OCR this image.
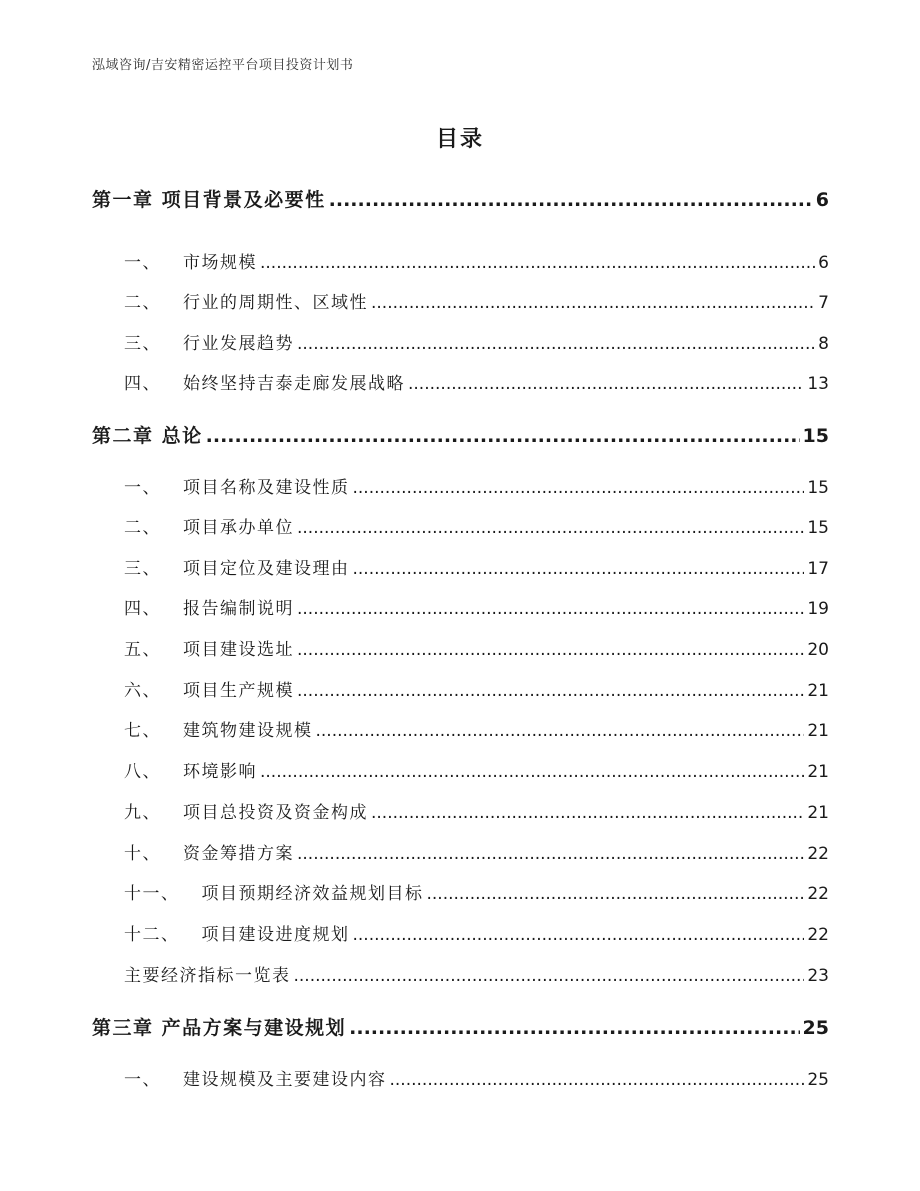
泓域咨询/吉安精密运控平台项目投资计划书
目录
第一章 项目背景及必要性 .....	6
一、 市场规模 .....	6
二、 行业的周期性、区域性 .....	7
三、 行业发展趋势 .....	8
四、 始终坚持吉泰走廊发展战略 .....	13
第二章 总论 .....	15
一、 项目名称及建设性质 .....	15
二、 项目承办单位 .....	15
三、 项目定位及建设理由 .....	17
四、 报告编制说明 .....	19
五、 项目建设选址 .....	20
六、 项目生产规模 .....	21
七、 建筑物建设规模 .....	21
八、 环境影响 .....	21
九、 项目总投资及资金构成 .....	21
十、 资金筹措方案 .....	22
十一、 项目预期经济效益规划目标 .....	22
十二、 项目建设进度规划 .....	22
主要经济指标一览表 .....	23
第三章 产品方案与建设规划 .....	25
一、 建设规模及主要建设内容 .....	25
